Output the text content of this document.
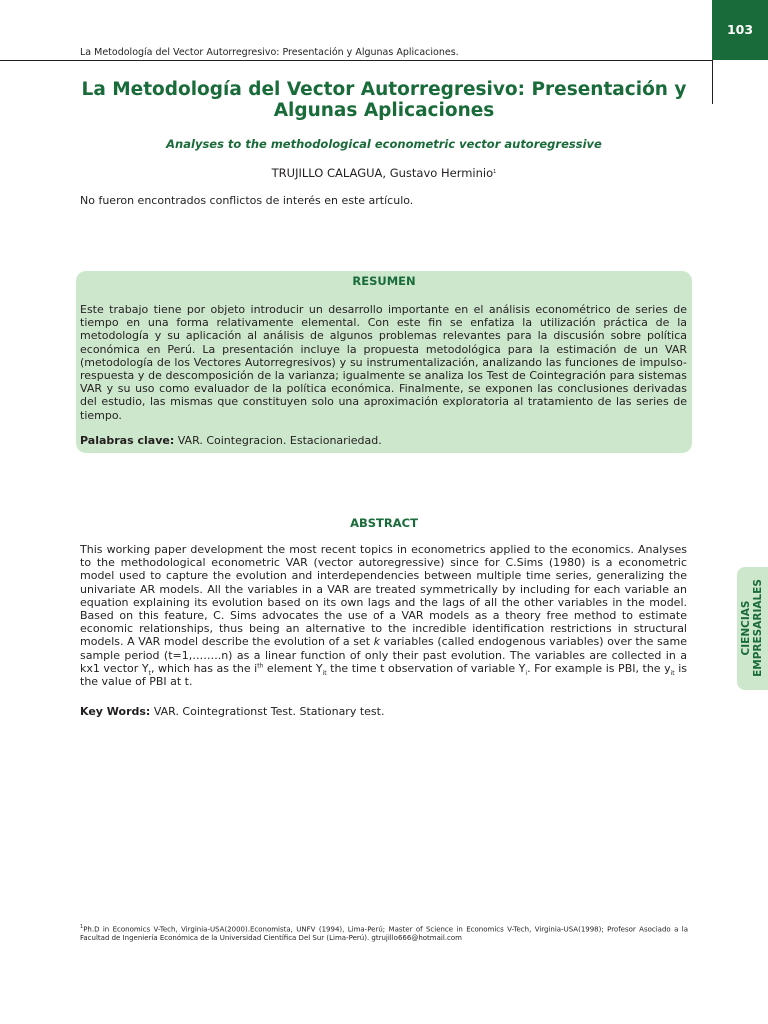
La Metodología del Vector Autorregresivo: Presentación y Algunas Aplicaciones.
103
La Metodología del Vector Autorregresivo: Presentación y
Algunas Aplicaciones
Analyses to the methodological econometric vector autoregressive
TRUJILLO CALAGUA, Gustavo Herminio$^1$
No fueron encontrados conflictos de interés en este artículo.
RESUMEN
Este trabajo tiene por objeto introducir un desarrollo importante en el análisis econométrico de series de tiempo en una forma relativamente elemental. Con este fin se enfatiza la utilización práctica de la metodología y su aplicación al análisis de algunos problemas relevantes para la discusión sobre política económica en Perú. La presentación incluye la propuesta metodológica para la estimación de un VAR (metodología de los Vectores Autorregresivos) y su instrumentalización, analizando las funciones de impulso-respuesta y de descomposición de la varianza; igualmente se analiza los Test de Cointegración para sistemas VAR y su uso como evaluador de la política económica. Finalmente, se exponen las conclusiones derivadas del estudio, las mismas que constituyen solo una aproximación exploratoria al tratamiento de las series de tiempo.
Palabras clave: VAR. Cointegracion. Estacionariedad.
ABSTRACT
This working paper development the most recent topics in econometrics applied to the economics. Analyses to the methodological econometric VAR (vector autoregressive) since for C.Sims (1980) is a econometric model used to capture the evolution and interdependencies between multiple time series, generalizing the univariate AR models. All the variables in a VAR are treated symmetrically by including for each variable an equation explaining its evolution based on its own lags and the lags of all the other variables in the model. Based on this feature, C. Sims advocates the use of a VAR models as a theory free method to estimate economic relationships, thus being an alternative to the incredible identification restrictions in structural models. A VAR model describe the evolution of a set k variables (called endogenous variables) over the same sample period (t=1,……..n) as a linear function of only their past evolution. The variables are collected in a kx1 vector $Y_t$, which has as the $i^{th}$ element $Y_{it}$ the time t observation of variable $Y_i$. For example is PBI, the $y_{it}$ is the value of PBI at t.
Key Words: VAR. Cointegrationst Test. Stationary test.
CIENCIAS EMPRESARIALES
$^1$Ph.D in Economics V-Tech, Virginia-USA(2000).Economista, UNFV (1994), Lima-Perú; Master of Science in Economics V-Tech, Virginia-USA(1998); Profesor Asociado a la Facultad de Ingeniería Económica de la Universidad Científica Del Sur (Lima-Perú). gtrujillo666@hotmail.com
